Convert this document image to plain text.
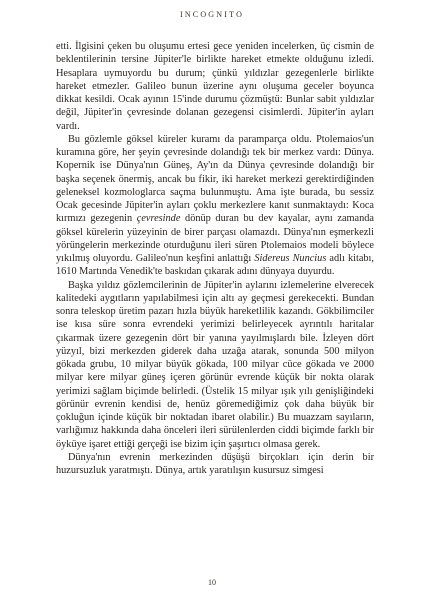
INCOGNITO

etti. İlgisini çeken bu oluşumu ertesi gece yeniden incelerken, üç cismin de beklentilerinin tersine Jüpiter'le birlikte hareket etmekte olduğunu izledi. Hesaplara uymuyordu bu durum; çünkü yıldızlar gezegenlerle birlikte hareket etmezler. Galileo bunun üzerine aynı oluşuma geceler boyunca dikkat kesildi. Ocak ayının 15'inde durumu çözmüştü: Bunlar sabit yıldızlar değil, Jüpiter'in çevresinde dolanan gezegensi cisimlerdi. Jüpiter'in ayları vardı.

Bu gözlemle göksel küreler kuramı da paramparça oldu. Ptolemaios'un kuramına göre, her şeyin çevresinde dolandığı tek bir merkez vardı: Dünya. Kopernik ise Dünya'nın Güneş, Ay'ın da Dünya çevresinde dolandığı bir başka seçenek önermiş, ancak bu fikir, iki hareket merkezi gerektirdiğinden geleneksel kozmologlarca saçma bulunmuştu. Ama işte burada, bu sessiz Ocak gecesinde Jüpiter'in ayları çoklu merkezlere kanıt sunmaktaydı: Koca kırmızı gezegenin çevresinde dönüp duran bu dev kayalar, aynı zamanda göksel kürelerin yüzeyinin de birer parçası olamazdı. Dünya'nın eşmerkezli yörüngelerin merkezinde oturduğunu ileri süren Ptolemaios modeli böylece yıkılmış oluyordu. Galileo'nun keşfini anlattığı Sidereus Nuncius adlı kitabı, 1610 Martında Venedik'te baskıdan çıkarak adını dünyaya duyurdu.

Başka yıldız gözlemcilerinin de Jüpiter'in aylarını izlemelerine elverecek kalitedeki aygıtların yapılabilmesi için altı ay geçmesi gerekecekti. Bundan sonra teleskop üretim pazarı hızla büyük hareketlilik kazandı. Gökbilimciler ise kısa süre sonra evrendeki yerimizi belirleyecek ayrıntılı haritalar çıkarmak üzere gezegenin dört bir yanına yayılmışlardı bile. İzleyen dört yüzyıl, bizi merkezden giderek daha uzağa atarak, sonunda 500 milyon gökada grubu, 10 milyar büyük gökada, 100 milyar cüce gökada ve 2000 milyar kere milyar güneş içeren görünür evrende küçük bir nokta olarak yerimizi sağlam biçimde belirledi. (Üstelik 15 milyar ışık yılı genişliğindeki görünür evrenin kendisi de, henüz göremediğimiz çok daha büyük bir çokluğun içinde küçük bir noktadan ibaret olabilir.) Bu muazzam sayıların, varlığımız hakkında daha önceleri ileri sürülenlerden ciddi biçimde farklı bir öyküye işaret ettiği gerçeği ise bizim için şaşırtıcı olmasa gerek.

Dünya'nın evrenin merkezinden düşüşü birçokları için derin bir huzursuzluk yaratmıştı. Dünya, artık yaratılışın kusursuz simgesi

10
